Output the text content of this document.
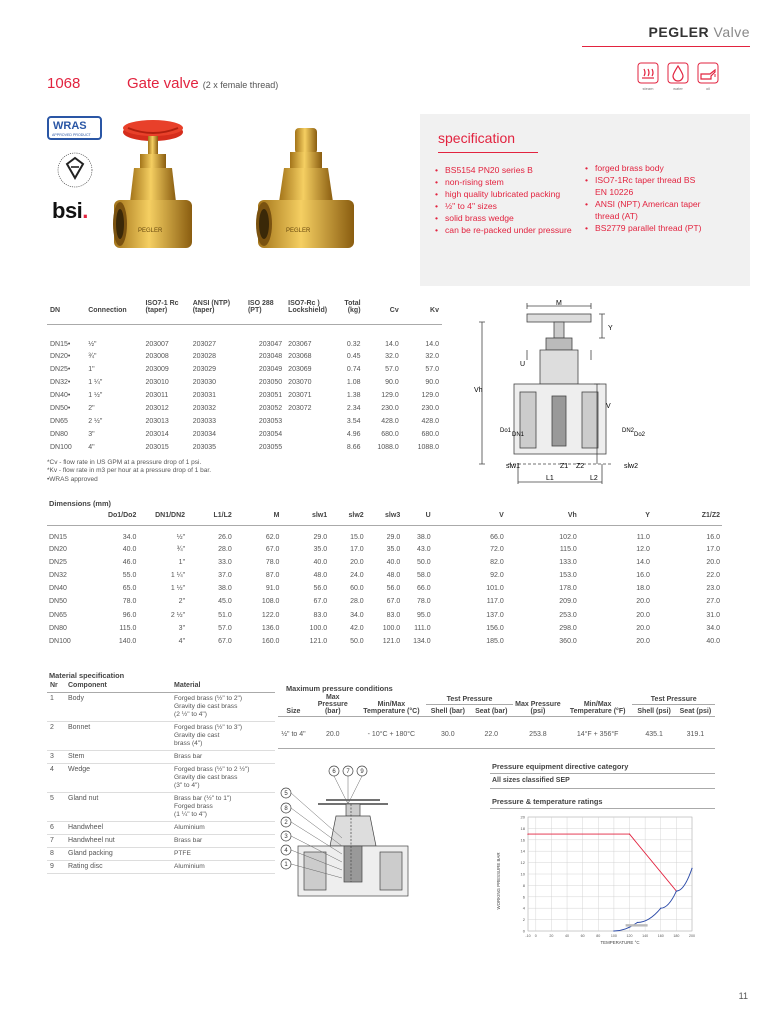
PEGLER Valve
1068	Gate valve (2 x female thread)	steam	water	oil
WRAS
APPROVED PRODUCT
bsi.
PEGLER	PEGLER
specification
• BS5154 PN20 series B
• non-rising stem
• high quality lubricated packing
• ½" to 4" sizes
• solid brass wedge
• can be re-packed under pressure
• forged brass body
• ISO7-1Rc taper thread BS EN 10226
• ANSI (NPT) American taper thread (AT)
• BS2779 parallel thread (PT)
DN	Connection	ISO7-1 Rc (taper)	ANSI (NTP) (taper)	ISO 288 (PT)	ISO7-Rc ) Lockshield)	Total (kg)	Cv	Kv
DN15•	½"	203007	203027	203047	203067	0.32	14.0	14.0
DN20•	¾"	203008	203028	203048	203068	0.45	32.0	32.0
DN25•	1"	203009	203029	203049	203069	0.74	57.0	57.0
DN32•	1 ¼"	203010	203030	203050	203070	1.08	90.0	90.0
DN40•	1 ½"	203011	203031	203051	203071	1.38	129.0	129.0
DN50•	2"	203012	203032	203052	203072	2.34	230.0	230.0
DN65	2 ½"	203013	203033	203053		3.54	428.0	428.0
DN80	3"	203014	203034	203054		4.96	680.0	680.0
DN100	4"	203015	203035	203055		8.66	1088.0	1088.0
*Cv - flow rate in US GPM at a pressure drop of 1 psi.
*Kv - flow rate in m3 per hour at a pressure drop of 1 bar.
•WRAS approved
M
Y
U
Vh
V
Do1
DN1
DN2
Do2
slw1	slw2
Z1 Z2
L1	L2
Dimensions (mm)
	Do1/Do2	DN1/DN2	L1/L2	M	slw1	slw2	slw3	U	V	Vh	Y	Z1/Z2
DN15	34.0	½"	26.0	62.0	29.0	15.0	29.0	38.0	66.0	102.0	11.0	16.0
DN20	40.0	¾"	28.0	67.0	35.0	17.0	35.0	43.0	72.0	115.0	12.0	17.0
DN25	46.0	1"	33.0	78.0	40.0	20.0	40.0	50.0	82.0	133.0	14.0	20.0
DN32	55.0	1 ¼"	37.0	87.0	48.0	24.0	48.0	58.0	92.0	153.0	16.0	22.0
DN40	65.0	1 ½"	38.0	91.0	56.0	60.0	56.0	66.0	101.0	178.0	18.0	23.0
DN50	78.0	2"	45.0	108.0	67.0	28.0	67.0	78.0	117.0	209.0	20.0	27.0
DN65	96.0	2 ½"	51.0	122.0	83.0	34.0	83.0	95.0	137.0	253.0	20.0	31.0
DN80	115.0	3"	57.0	136.0	100.0	42.0	100.0	111.0	156.0	298.0	20.0	34.0
DN100	140.0	4"	67.0	160.0	121.0	50.0	121.0	134.0	185.0	360.0	20.0	40.0
Material specification
Nr	Component	Material
1	Body	Forged brass (½" to 2")
Gravity die cast brass
(2 ½" to 4")

2	Bonnet	Forged brass (½" to 3")
Gravity die cast
brass (4")

3	Stem	Brass bar

4	Wedge	Forged brass (½" to 2 ½")
Gravity die cast brass
(3" to 4")

5	Gland nut	Brass bar (½" to 1")
Forged brass
(1 ¼" to 4")

6	Handwheel	Aluminium

7	Handwheel nut	Brass bar

8	Gland packing	PTFE

9	Rating disc	Aluminium
Maximum pressure conditions
Size	Max Pressure (bar)	Min/Max Temperature (°C)	Test Pressure		Max Pressure (psi)	Min/Max Temperature (°F)	Test Pressure	
			Shell (bar)	Seat (bar)			Shell (psi)	Seat (psi)
½" to 4"	20.0	- 10°C + 180°C	30.0	22.0	253.8	14°F + 356°F	435.1	319.1
Pressure equipment directive category
All sizes classified SEP
Pressure & temperature ratings
6 7 9
5
8
2
3
4
1
0
2
4
6
8
10
12
14
16
18
20
-10 0	20	40	60	80	100	120	140	160	180	200
WORKING PRESSURE BAR
TEMPERATURE °C
11
